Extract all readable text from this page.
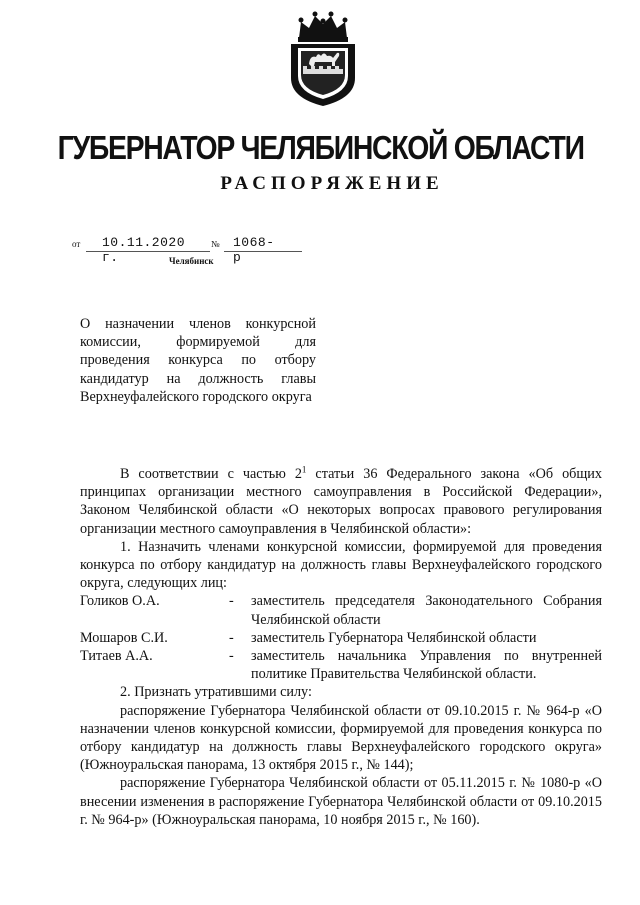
ГУБЕРНАТОР ЧЕЛЯБИНСКОЙ ОБЛАСТИ
РАСПОРЯЖЕНИЕ
от 10.11.2020 г.
№ 1068-р
Челябинск
О назначении членов конкурсной комиссии, формируемой для проведения конкурса по отбору кандидатур на должность главы Верхнеуфалейского городского округа

В соответствии с частью $2^1$ статьи 36 Федерального закона «Об общих принципах организации местного самоуправления в Российской Федерации», Законом Челябинской области «О некоторых вопросах правового регулирования организации местного самоуправления в Челябинской области»:

1. Назначить членами конкурсной комиссии, формируемой для проведения конкурса по отбору кандидатур на должность главы Верхнеуфалейского городского округа, следующих лиц:

Голиков О.А.	-	заместитель председателя Законодательного Собрания Челябинской области
Мошаров С.И.	-	заместитель Губернатора Челябинской области
Титаев А.А.	-	заместитель начальника Управления по внутренней политике Правительства Челябинской области.

2. Признать утратившими силу:

распоряжение Губернатора Челябинской области от 09.10.2015 г. № 964-р «О назначении членов конкурсной комиссии, формируемой для проведения конкурса по отбору кандидатур на должность главы Верхнеуфалейского городского округа» (Южноуральская панорама, 13 октября 2015 г., № 144);

распоряжение Губернатора Челябинской области от 05.11.2015 г. № 1080-р «О внесении изменения в распоряжение Губернатора Челябинской области от 09.10.2015 г. № 964-р» (Южноуральская панорама, 10 ноября 2015 г., № 160).
